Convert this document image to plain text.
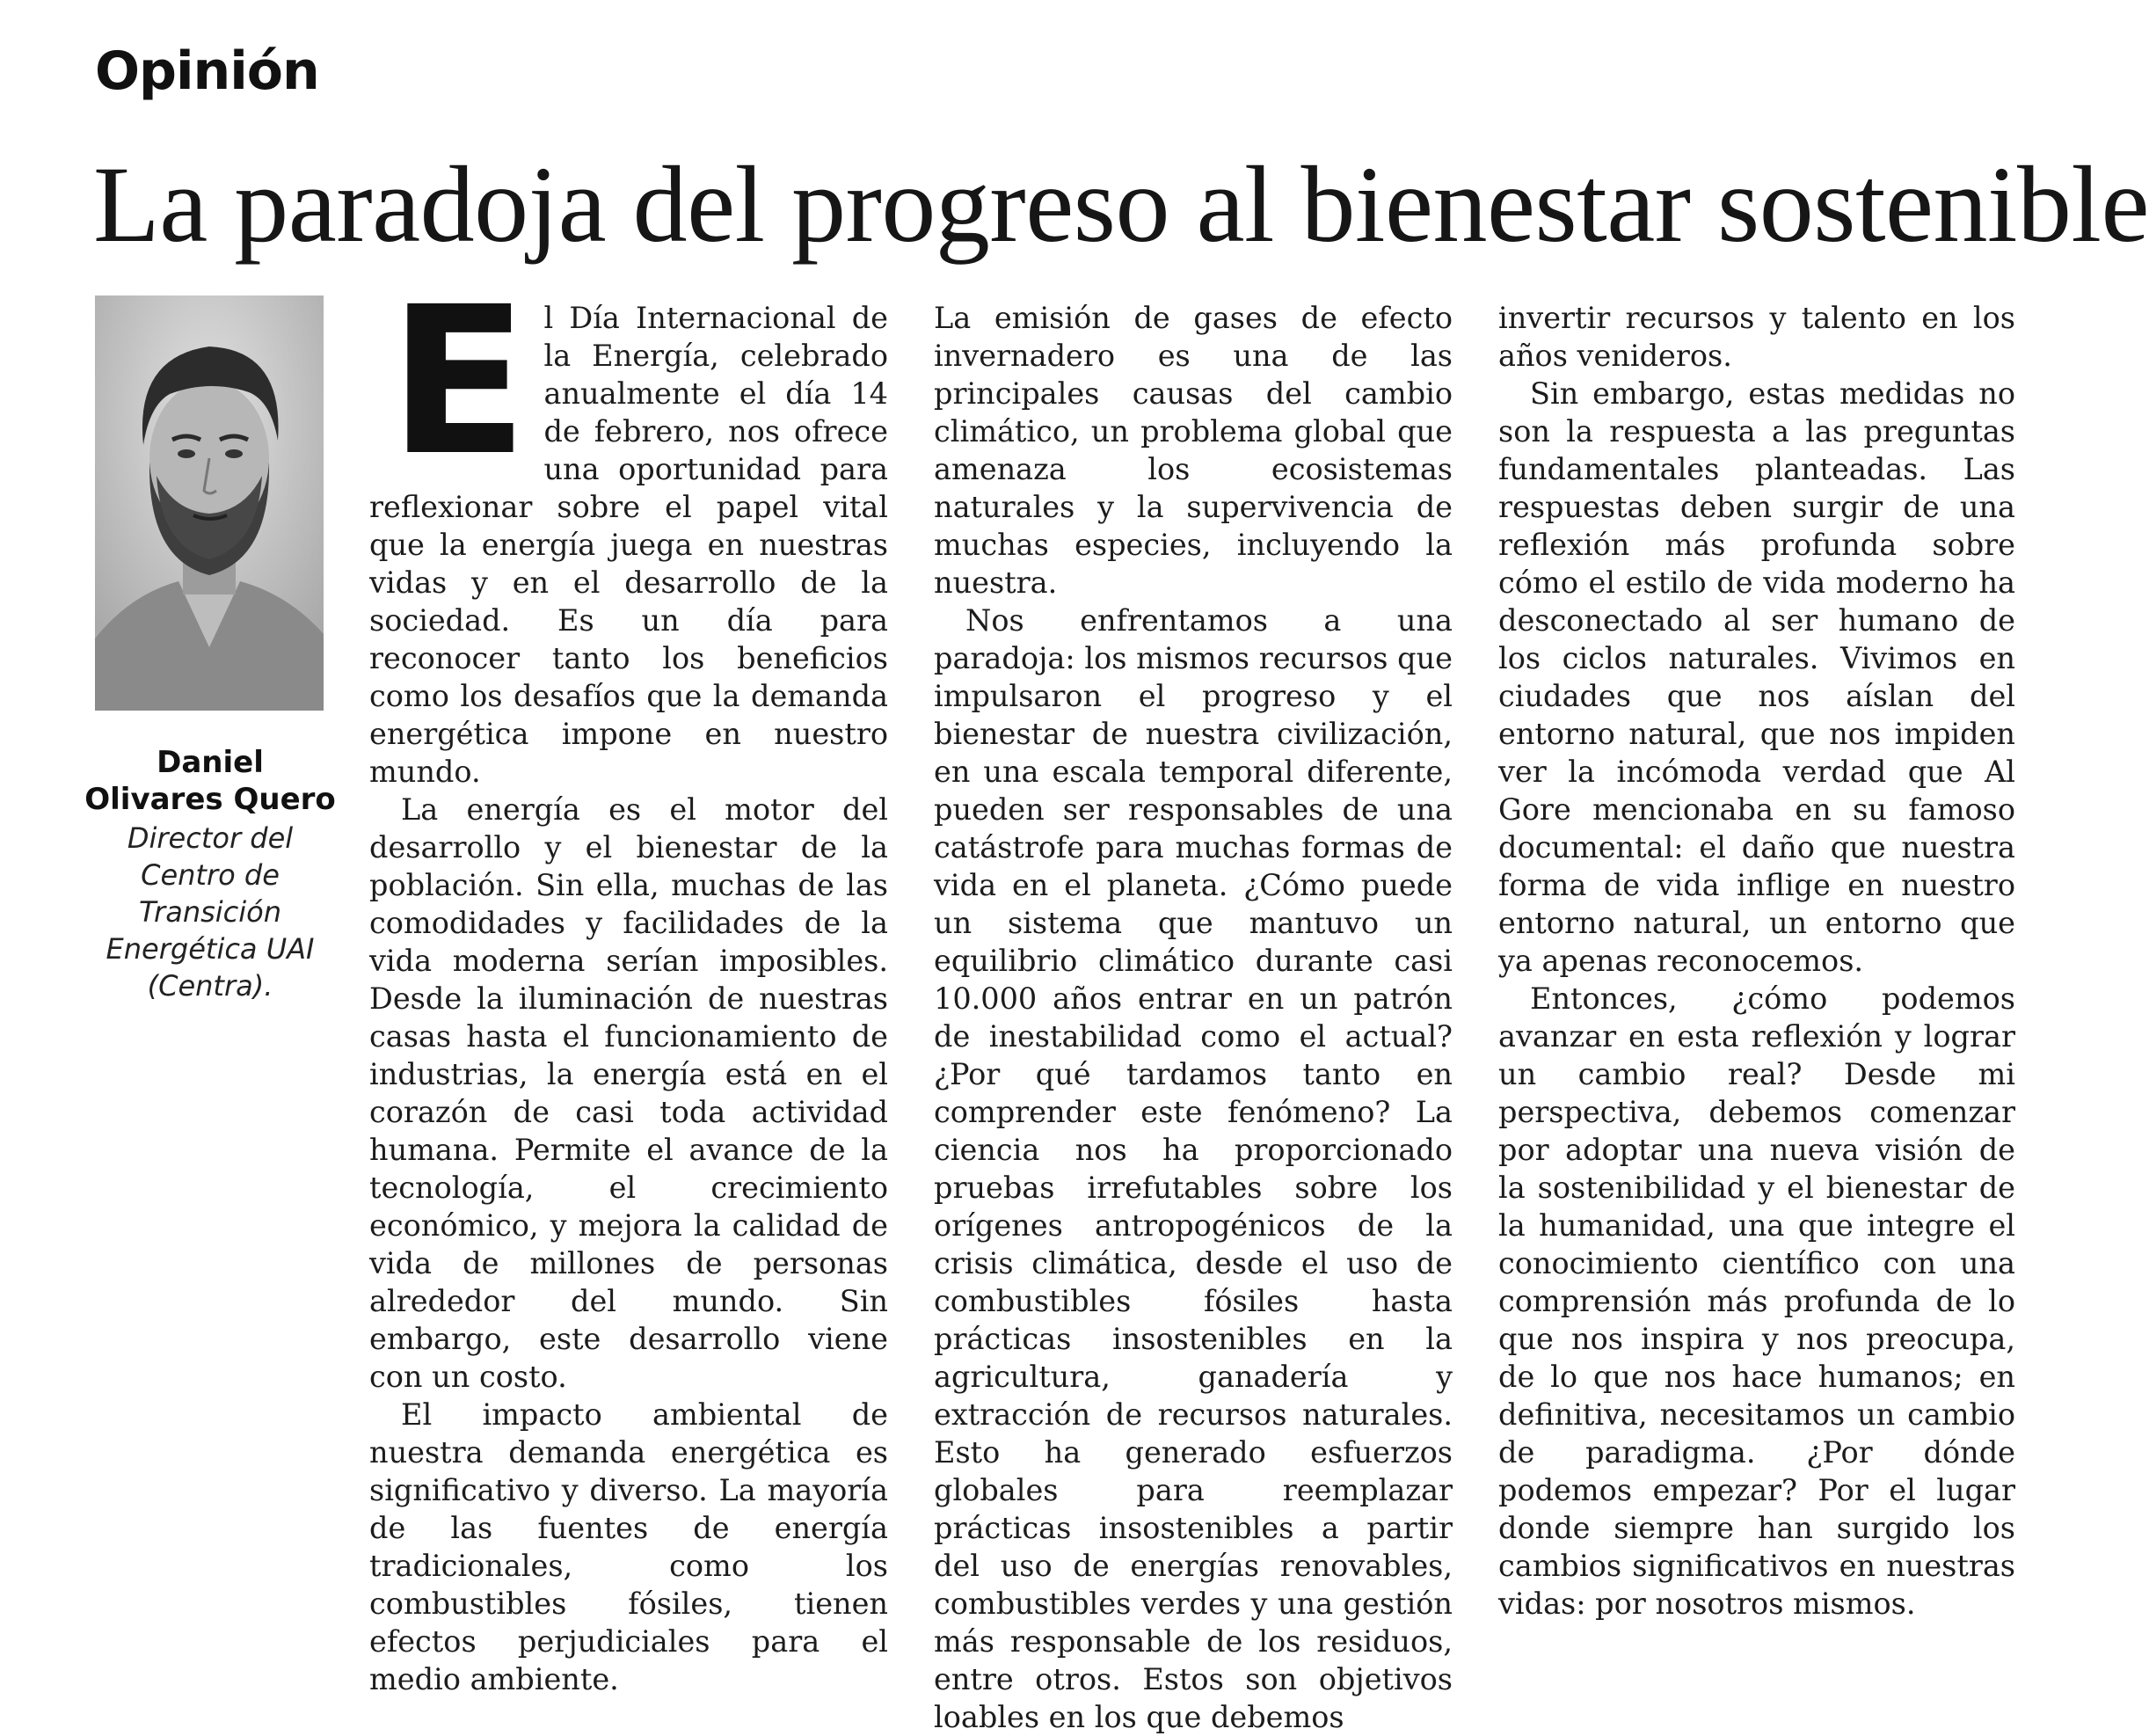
Opinión
La paradoja del progreso al bienestar sostenible
Daniel Olivares Quero
Director del Centro de Transición Energética UAI (Centra).

El Día Internacional de la Energía, celebrado anualmente el día 14 de febrero, nos ofrece una oportunidad para reflexionar sobre el papel vital que la energía juega en nuestras vidas y en el desarrollo de la sociedad. Es un día para reconocer tanto los beneficios como los desafíos que la demanda energética impone en nuestro mundo.

La energía es el motor del desarrollo y el bienestar de la población. Sin ella, muchas de las comodidades y facilidades de la vida moderna serían imposibles. Desde la iluminación de nuestras casas hasta el funcionamiento de industrias, la energía está en el corazón de casi toda actividad humana. Permite el avance de la tecnología, el crecimiento económico, y mejora la calidad de vida de millones de personas alrededor del mundo. Sin embargo, este desarrollo viene con un costo.

El impacto ambiental de nuestra demanda energética es significativo y diverso. La mayoría de las fuentes de energía tradicionales, como los combustibles fósiles, tienen efectos perjudiciales para el medio ambiente.

La emisión de gases de efecto invernadero es una de las principales causas del cambio climático, un problema global que amenaza los ecosistemas naturales y la supervivencia de muchas especies, incluyendo la nuestra.

Nos enfrentamos a una paradoja: los mismos recursos que impulsaron el progreso y el bienestar de nuestra civilización, en una escala temporal diferente, pueden ser responsables de una catástrofe para muchas formas de vida en el planeta. ¿Cómo puede un sistema que mantuvo un equilibrio climático durante casi 10.000 años entrar en un patrón de inestabilidad como el actual? ¿Por qué tardamos tanto en comprender este fenómeno? La ciencia nos ha proporcionado pruebas irrefutables sobre los orígenes antropogénicos de la crisis climática, desde el uso de combustibles fósiles hasta prácticas insostenibles en la agricultura, ganadería y extracción de recursos naturales. Esto ha generado esfuerzos globales para reemplazar prácticas insostenibles a partir del uso de energías renovables, combustibles verdes y una gestión más responsable de los residuos, entre otros. Estos son objetivos loables en los que debemos

invertir recursos y talento en los años venideros.

Sin embargo, estas medidas no son la respuesta a las preguntas fundamentales planteadas. Las respuestas deben surgir de una reflexión más profunda sobre cómo el estilo de vida moderno ha desconectado al ser humano de los ciclos naturales. Vivimos en ciudades que nos aíslan del entorno natural, que nos impiden ver la incómoda verdad que Al Gore mencionaba en su famoso documental: el daño que nuestra forma de vida inflige en nuestro entorno natural, un entorno que ya apenas reconocemos.

Entonces, ¿cómo podemos avanzar en esta reflexión y lograr un cambio real? Desde mi perspectiva, debemos comenzar por adoptar una nueva visión de la sostenibilidad y el bienestar de la humanidad, una que integre el conocimiento científico con una comprensión más profunda de lo que nos inspira y nos preocupa, de lo que nos hace humanos; en definitiva, necesitamos un cambio de paradigma. ¿Por dónde podemos empezar? Por el lugar donde siempre han surgido los cambios significativos en nuestras vidas: por nosotros mismos.
